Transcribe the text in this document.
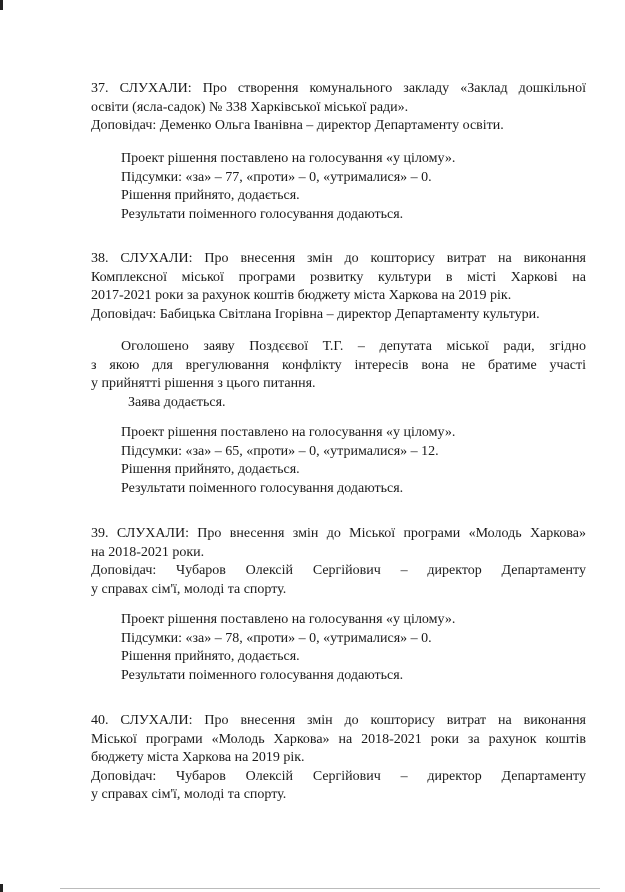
37. СЛУХАЛИ: Про створення комунального закладу «Заклад дошкільної
освіти (ясла-садок) № 338 Харківської міської ради».
Доповідач: Деменко Ольга Іванівна – директор Департаменту освіти.
Проект рішення поставлено на голосування «у цілому».
Підсумки: «за» – 77, «проти» – 0, «утрималися» – 0.
Рішення прийнято, додається.
Результати поіменного голосування додаються.
38. СЛУХАЛИ: Про внесення змін до кошторису витрат на виконання
Комплексної міської програми розвитку культури в місті Харкові на
2017-2021 роки за рахунок коштів бюджету міста Харкова на 2019 рік.
Доповідач: Бабицька Світлана Ігорівна – директор Департаменту культури.
Оголошено заяву Поздєєвої Т.Г. – депутата міської ради, згідно
з якою для врегулювання конфлікту інтересів вона не братиме участі
у прийнятті рішення з цього питання.
Заява додається.
Проект рішення поставлено на голосування «у цілому».
Підсумки: «за» – 65, «проти» – 0, «утрималися» – 12.
Рішення прийнято, додається.
Результати поіменного голосування додаються.
39. СЛУХАЛИ: Про внесення змін до Міської програми «Молодь Харкова»
на 2018-2021 роки.
Доповідач: Чубаров Олексій Сергійович – директор Департаменту
у справах сім'ї, молоді та спорту.
Проект рішення поставлено на голосування «у цілому».
Підсумки: «за» – 78, «проти» – 0, «утрималися» – 0.
Рішення прийнято, додається.
Результати поіменного голосування додаються.
40. СЛУХАЛИ: Про внесення змін до кошторису витрат на виконання
Міської програми «Молодь Харкова» на 2018-2021 роки за рахунок коштів
бюджету міста Харкова на 2019 рік.
Доповідач: Чубаров Олексій Сергійович – директор Департаменту
у справах сім'ї, молоді та спорту.
